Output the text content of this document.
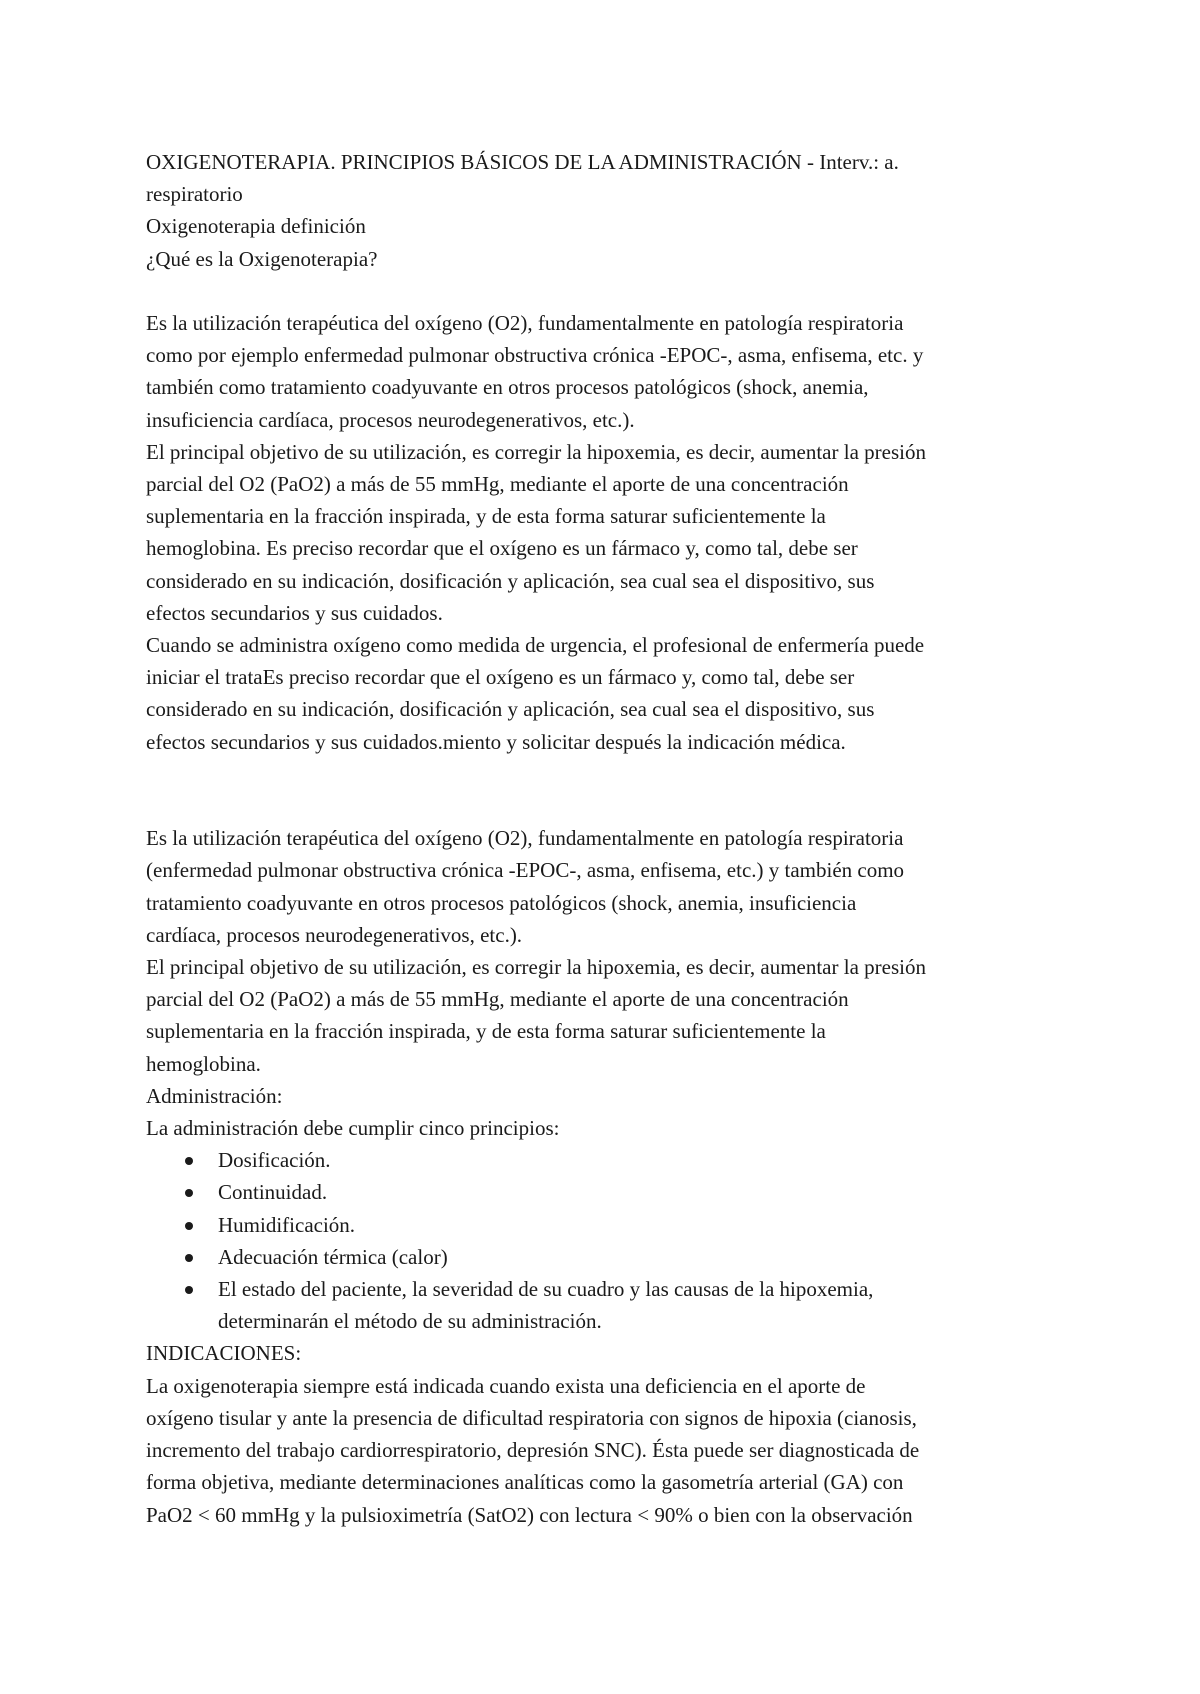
OXIGENOTERAPIA. PRINCIPIOS BÁSICOS DE LA ADMINISTRACIÓN - Interv.: a.
respiratorio
Oxigenoterapia definición
¿Qué es la Oxigenoterapia?
Es la utilización terapéutica del oxígeno (O2), fundamentalmente en patología respiratoria
como por ejemplo enfermedad pulmonar obstructiva crónica -EPOC-, asma, enfisema, etc. y
también como tratamiento coadyuvante en otros procesos patológicos (shock, anemia,
insuficiencia cardíaca, procesos neurodegenerativos, etc.).
El principal objetivo de su utilización, es corregir la hipoxemia, es decir, aumentar la presión
parcial del O2 (PaO2) a más de 55 mmHg, mediante el aporte de una concentración
suplementaria en la fracción inspirada, y de esta forma saturar suficientemente la
hemoglobina. Es preciso recordar que el oxígeno es un fármaco y, como tal, debe ser
considerado en su indicación, dosificación y aplicación, sea cual sea el dispositivo, sus
efectos secundarios y sus cuidados.
Cuando se administra oxígeno como medida de urgencia, el profesional de enfermería puede
iniciar el trataEs preciso recordar que el oxígeno es un fármaco y, como tal, debe ser
considerado en su indicación, dosificación y aplicación, sea cual sea el dispositivo, sus
efectos secundarios y sus cuidados.miento y solicitar después la indicación médica.
Es la utilización terapéutica del oxígeno (O2), fundamentalmente en patología respiratoria
(enfermedad pulmonar obstructiva crónica -EPOC-, asma, enfisema, etc.) y también como
tratamiento coadyuvante en otros procesos patológicos (shock, anemia, insuficiencia
cardíaca, procesos neurodegenerativos, etc.).
El principal objetivo de su utilización, es corregir la hipoxemia, es decir, aumentar la presión
parcial del O2 (PaO2) a más de 55 mmHg, mediante el aporte de una concentración
suplementaria en la fracción inspirada, y de esta forma saturar suficientemente la
hemoglobina.
Administración:
La administración debe cumplir cinco principios:
Dosificación.
Continuidad.
Humidificación.
Adecuación térmica (calor)
El estado del paciente, la severidad de su cuadro y las causas de la hipoxemia,
determinarán el método de su administración.
INDICACIONES:
La oxigenoterapia siempre está indicada cuando exista una deficiencia en el aporte de
oxígeno tisular y ante la presencia de dificultad respiratoria con signos de hipoxia (cianosis,
incremento del trabajo cardiorrespiratorio, depresión SNC). Ésta puede ser diagnosticada de
forma objetiva, mediante determinaciones analíticas como la gasometría arterial (GA) con
PaO2 < 60 mmHg y la pulsioximetría (SatO2) con lectura < 90% o bien con la observación
